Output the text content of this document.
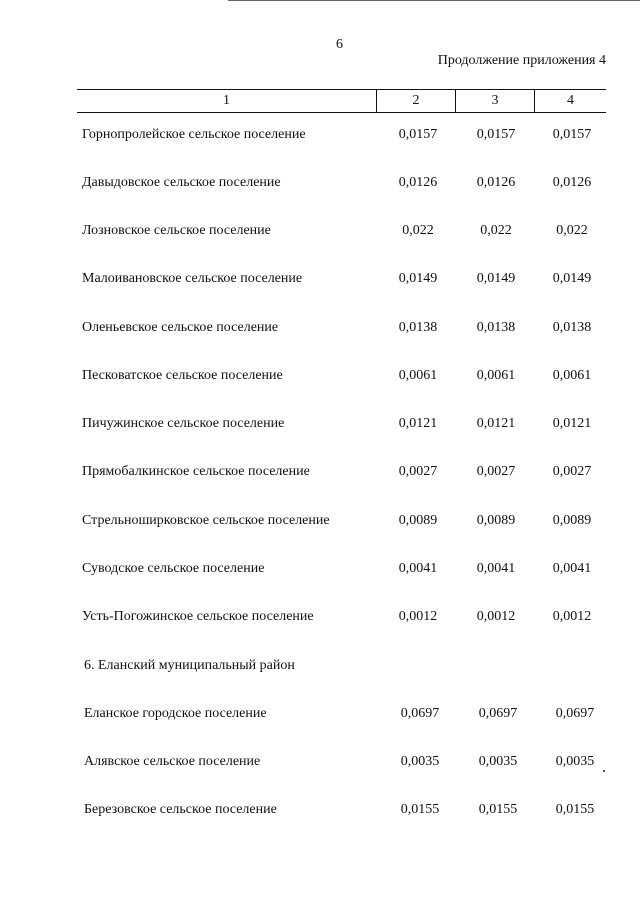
6
Продолжение приложения 4
1	2	3	4
Горнопролейское сельское поселение	0,0157	0,0157	0,0157
Давыдовское сельское поселение	0,0126	0,0126	0,0126
Лозновское сельское поселение	0,022	0,022	0,022
Малоивановское сельское поселение	0,0149	0,0149	0,0149
Оленьевское сельское поселение	0,0138	0,0138	0,0138
Песковатское сельское поселение	0,0061	0,0061	0,0061
Пичужинское сельское поселение	0,0121	0,0121	0,0121
Прямобалкинское сельское поселение	0,0027	0,0027	0,0027
Стрельноширковское сельское поселение	0,0089	0,0089	0,0089
Суводское сельское поселение	0,0041	0,0041	0,0041
Усть-Погожинское сельское поселение	0,0012	0,0012	0,0012
6. Еланский муниципальный район
Еланское городское поселение	0,0697	0,0697	0,0697
Алявское сельское поселение	0,0035	0,0035	0,0035
Березовское сельское поселение	0,0155	0,0155	0,0155
